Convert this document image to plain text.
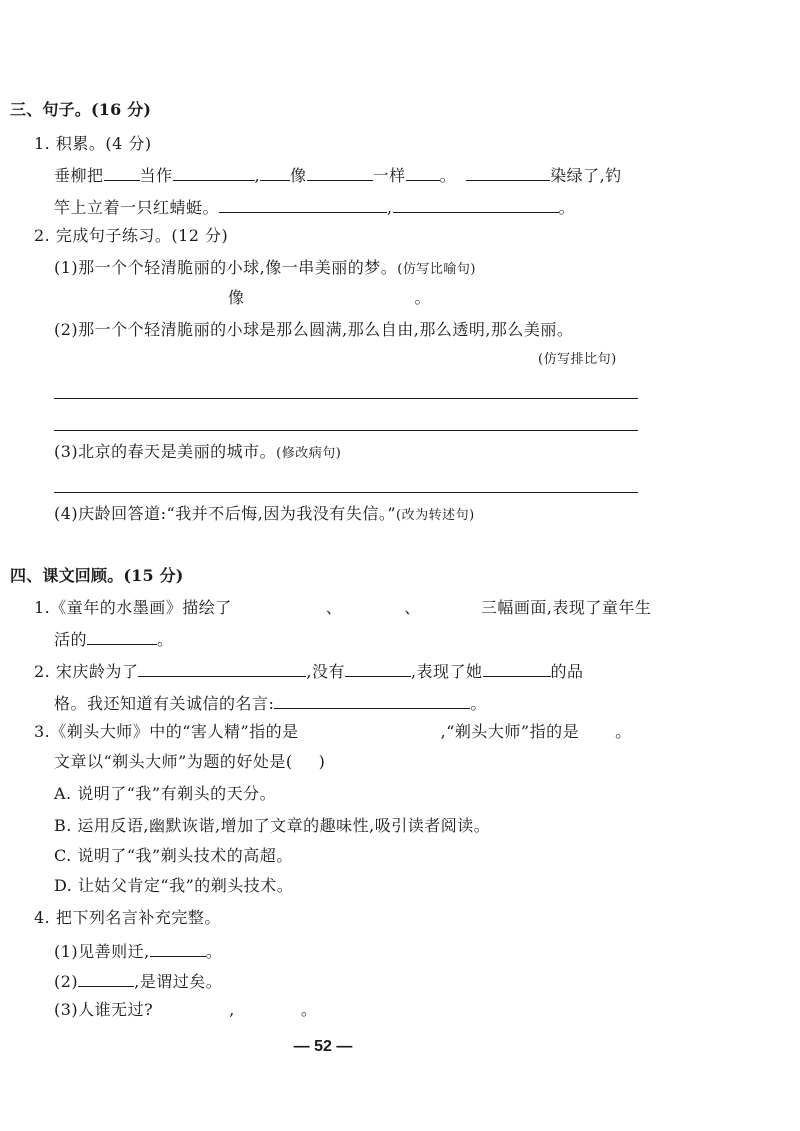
三、句子。(16 分)
1. 积累。(4 分)
垂柳把 当作	, 像	一样 。	染绿了,钓
竿上立着一只红蜻蜓。	,	。
2. 完成句子练习。(12 分)
(1)那一个个轻清脆丽的小球,像一串美丽的梦。(仿写比喻句)
像	。
(2)那一个个轻清脆丽的小球是那么圆满,那么自由,那么透明,那么美丽。
(仿写排比句)
(3)北京的春天是美丽的城市。(修改病句)
(4)庆龄回答道:“我并不后悔,因为我没有失信。”(改为转述句)
四、课文回顾。(15 分)
1.《童年的水墨画》描绘了	、	、	三幅画面,表现了童年生
活的	。
2. 宋庆龄为了	,没有	,表现了她	的品
格。我还知道有关诚信的名言:	。
3.《剃头大师》中的“害人精”指的是	,“剃头大师”指的是 。
文章以“剃头大师”为题的好处是( )
A. 说明了“我”有剃头的天分。
B. 运用反语,幽默诙谐,增加了文章的趣味性,吸引读者阅读。
C. 说明了“我”剃头技术的高超。
D. 让姑父肯定“我”的剃头技术。
4. 把下列名言补充完整。
(1)见善则迁,	。
(2)	,是谓过矣。
(3)人谁无过?	,	。
— 52 —
